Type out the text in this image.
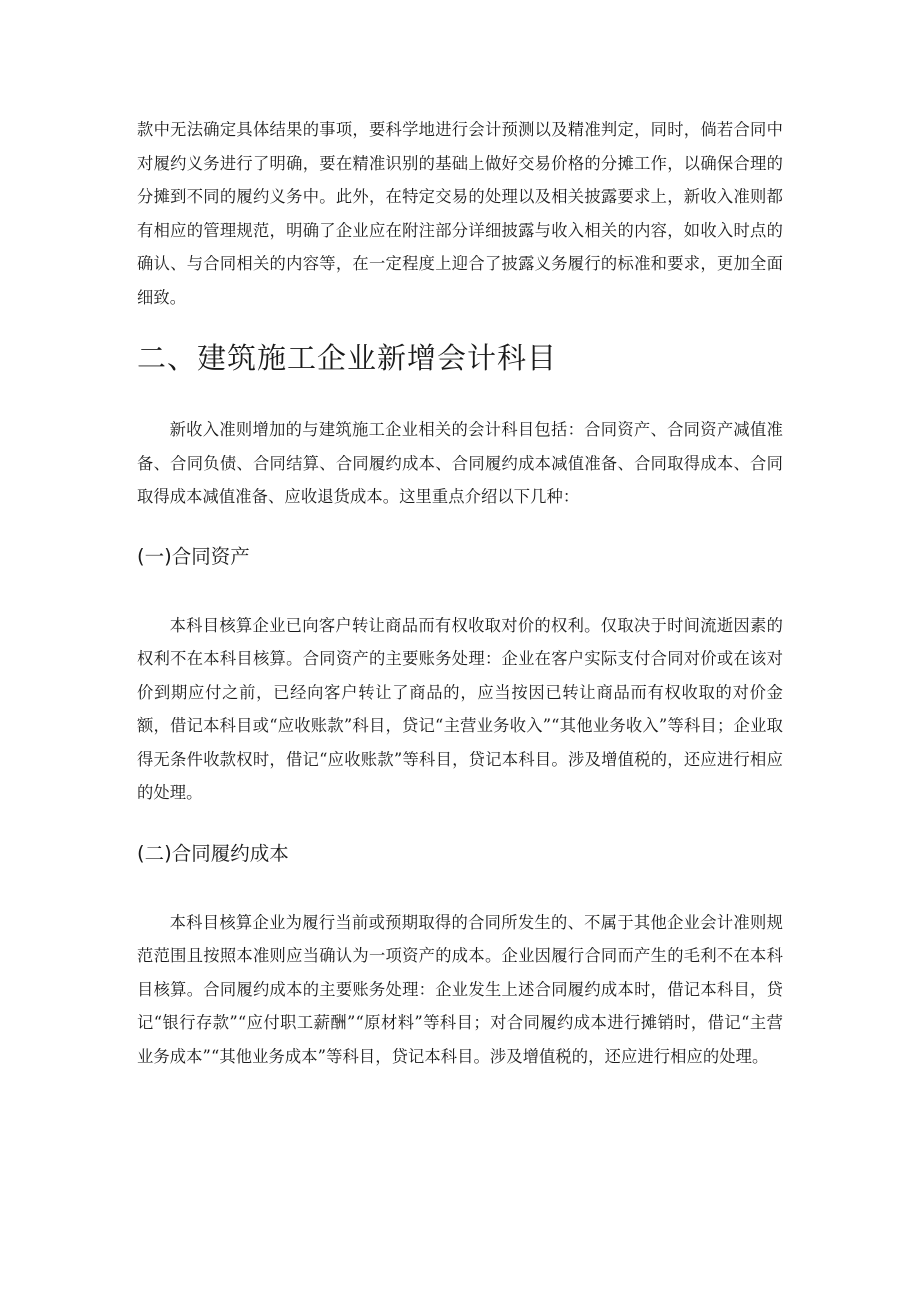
款中无法确定具体结果的事项，要科学地进行会计预测以及精准判定，同时，倘若合同中对履约义务进行了明确，要在精准识别的基础上做好交易价格的分摊工作，以确保合理的分摊到不同的履约义务中。此外，在特定交易的处理以及相关披露要求上，新收入准则都有相应的管理规范，明确了企业应在附注部分详细披露与收入相关的内容，如收入时点的确认、与合同相关的内容等，在一定程度上迎合了披露义务履行的标准和要求，更加全面细致。

二、建筑施工企业新增会计科目

新收入准则增加的与建筑施工企业相关的会计科目包括：合同资产、合同资产减值准备、合同负债、合同结算、合同履约成本、合同履约成本减值准备、合同取得成本、合同取得成本减值准备、应收退货成本。这里重点介绍以下几种：

(一)合同资产

本科目核算企业已向客户转让商品而有权收取对价的权利。仅取决于时间流逝因素的权利不在本科目核算。合同资产的主要账务处理：企业在客户实际支付合同对价或在该对价到期应付之前，已经向客户转让了商品的，应当按因已转让商品而有权收取的对价金额，借记本科目或“应收账款”科目，贷记“主营业务收入”“其他业务收入”等科目；企业取得无条件收款权时，借记“应收账款”等科目，贷记本科目。涉及增值税的，还应进行相应的处理。

(二)合同履约成本

本科目核算企业为履行当前或预期取得的合同所发生的、不属于其他企业会计准则规范范围且按照本准则应当确认为一项资产的成本。企业因履行合同而产生的毛利不在本科目核算。合同履约成本的主要账务处理：企业发生上述合同履约成本时，借记本科目，贷记“银行存款”“应付职工薪酬”“原材料”等科目；对合同履约成本进行摊销时，借记“主营业务成本”“其他业务成本”等科目，贷记本科目。涉及增值税的，还应进行相应的处理。
